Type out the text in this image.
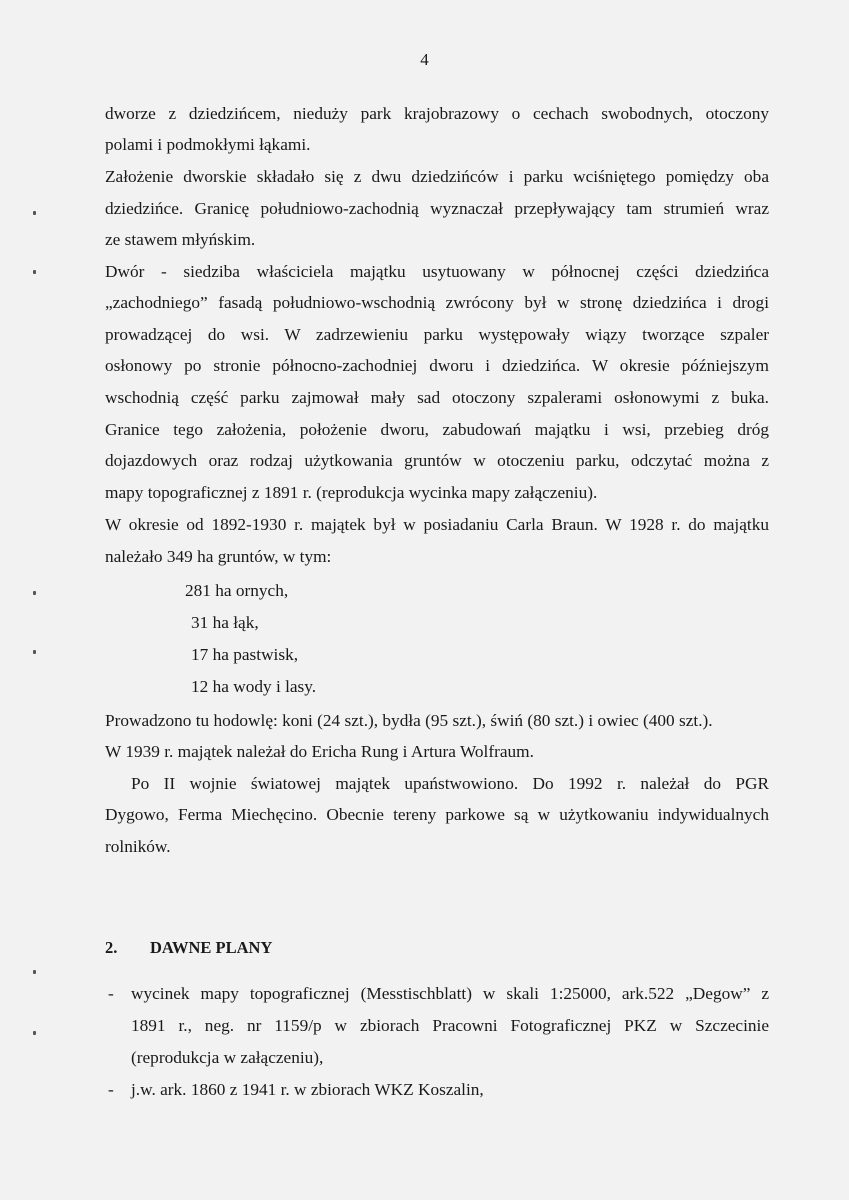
4
dworze z dziedzińcem, nieduży park krajobrazowy o cechach swobodnych, otoczony
polami i podmokłymi łąkami.
Założenie dworskie składało się z dwu dziedzińców i parku wciśniętego pomiędzy oba
dziedzińce. Granicę południowo-zachodnią wyznaczał przepływający tam strumień wraz
ze stawem młyńskim.
Dwór - siedziba właściciela majątku usytuowany w północnej części dziedzińca
„zachodniego” fasadą południowo-wschodnią zwrócony był w stronę dziedzińca i drogi
prowadzącej do wsi. W zadrzewieniu parku występowały wiązy tworzące szpaler
osłonowy po stronie północno-zachodniej dworu i dziedzińca. W okresie późniejszym
wschodnią część parku zajmował mały sad otoczony szpalerami osłonowymi z buka.
Granice tego założenia, położenie dworu, zabudowań majątku i wsi, przebieg dróg
dojazdowych oraz rodzaj użytkowania gruntów w otoczeniu parku, odczytać można z
mapy topograficznej z 1891 r. (reprodukcja wycinka mapy załączeniu).
W okresie od 1892-1930 r. majątek był w posiadaniu Carla Braun. W 1928 r. do majątku
należało 349 ha gruntów, w tym:
281 ha ornych,
31 ha łąk,
17 ha pastwisk,
12 ha wody i lasy.
Prowadzono tu hodowlę: koni (24 szt.), bydła (95 szt.), świń (80 szt.) i owiec (400 szt.).
W 1939 r. majątek należał do Ericha Rung i Artura Wolfraum.
Po II wojnie światowej majątek upaństwowiono. Do 1992 r. należał do PGR
Dygowo, Ferma Miechęcino. Obecnie tereny parkowe są w użytkowaniu indywidualnych
rolników.
2. DAWNE PLANY
- wycinek mapy topograficznej (Messtischblatt) w skali 1:25000, ark.522 „Degow” z
1891 r., neg. nr 1159/p w zbiorach Pracowni Fotograficznej PKZ w Szczecinie
(reprodukcja w załączeniu),
- j.w. ark. 1860 z 1941 r. w zbiorach WKZ Koszalin,
